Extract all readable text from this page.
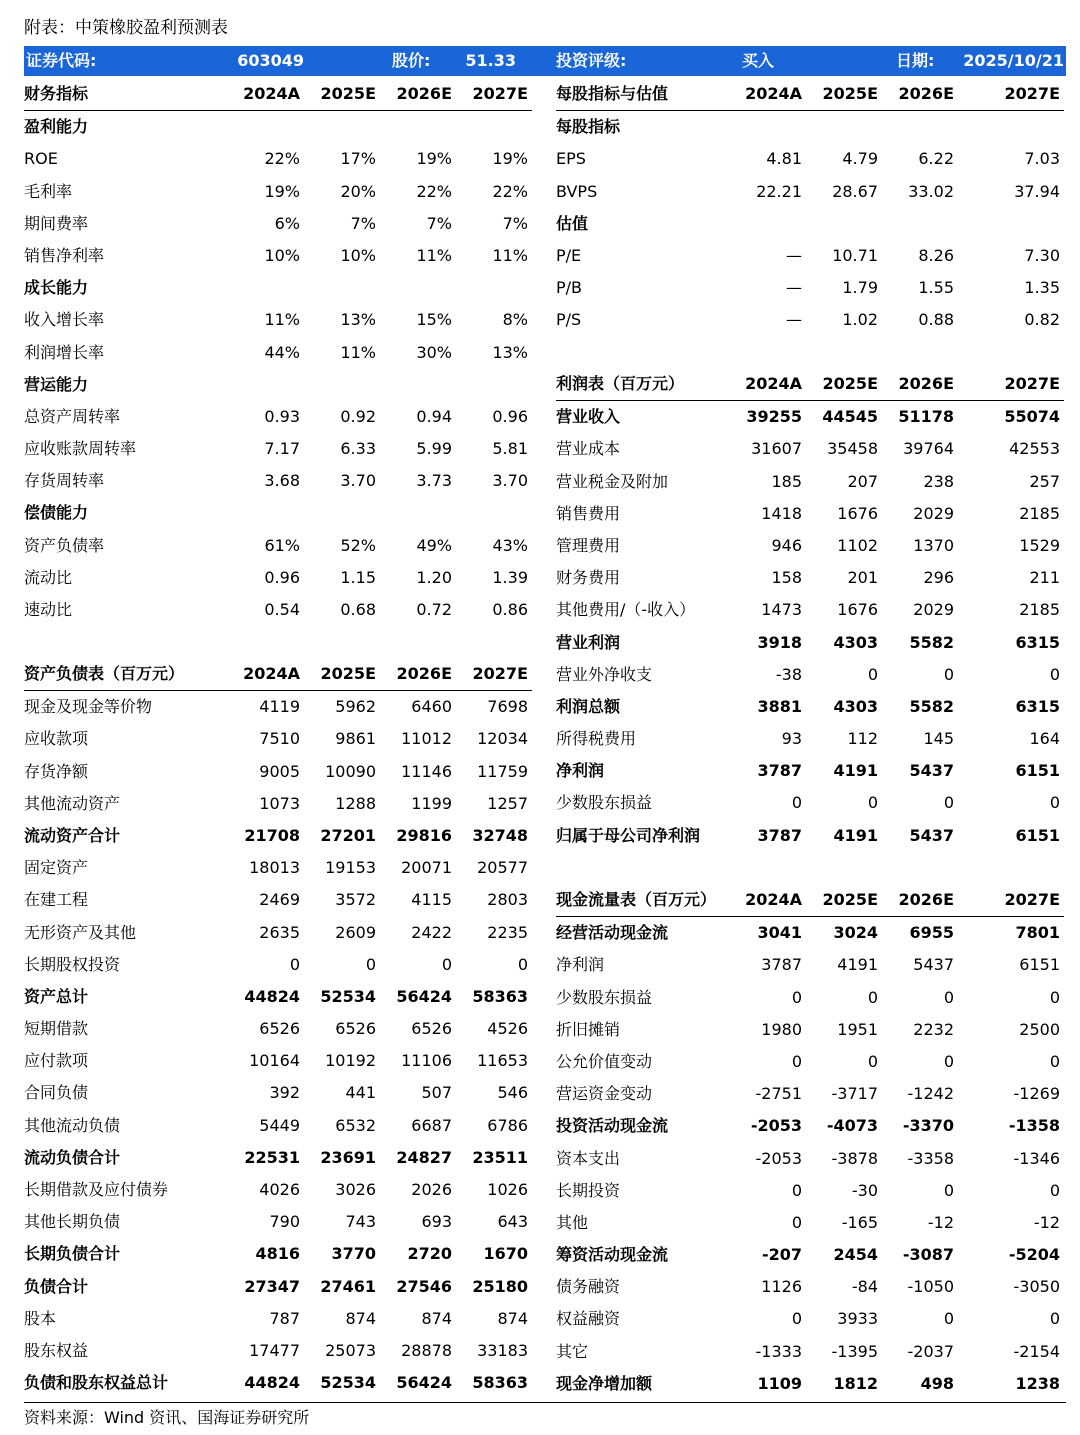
附表：中策橡胶盈利预测表
证券代码:	603049	股价:	51.33	投资评级:	买入	日期:	2025/10/21
财务指标	2024A	2025E	2026E	2027E
盈利能力
ROE	22%	17%	19%	19%
毛利率	19%	20%	22%	22%
期间费率	6%	7%	7%	7%
销售净利率	10%	10%	11%	11%
成长能力
收入增长率	11%	13%	15%	8%
利润增长率	44%	11%	30%	13%
营运能力
总资产周转率	0.93	0.92	0.94	0.96
应收账款周转率	7.17	6.33	5.99	5.81
存货周转率	3.68	3.70	3.73	3.70
偿债能力
资产负债率	61%	52%	49%	43%
流动比	0.96	1.15	1.20	1.39
速动比	0.54	0.68	0.72	0.86
每股指标与估值	2024A	2025E	2026E	2027E
每股指标
EPS	4.81	4.79	6.22	7.03
BVPS	22.21	28.67	33.02	37.94
估值
P/E	—	10.71	8.26	7.30
P/B	—	1.79	1.55	1.35
P/S	—	1.02	0.88	0.82
利润表（百万元）	2024A	2025E	2026E	2027E
营业收入	39255	44545	51178	55074
营业成本	31607	35458	39764	42553
营业税金及附加	185	207	238	257
销售费用	1418	1676	2029	2185
管理费用	946	1102	1370	1529
财务费用	158	201	296	211
其他费用/（-收入）	1473	1676	2029	2185
营业利润	3918	4303	5582	6315
营业外净收支	-38	0	0	0
利润总额	3881	4303	5582	6315
所得税费用	93	112	145	164
净利润	3787	4191	5437	6151
少数股东损益	0	0	0	0
归属于母公司净利润	3787	4191	5437	6151
资产负债表（百万元）	2024A	2025E	2026E	2027E
现金及现金等价物	4119	5962	6460	7698
应收款项	7510	9861	11012	12034
存货净额	9005	10090	11146	11759
其他流动资产	1073	1288	1199	1257
流动资产合计	21708	27201	29816	32748
固定资产	18013	19153	20071	20577
在建工程	2469	3572	4115	2803
无形资产及其他	2635	2609	2422	2235
长期股权投资	0	0	0	0
资产总计	44824	52534	56424	58363
短期借款	6526	6526	6526	4526
应付款项	10164	10192	11106	11653
合同负债	392	441	507	546
其他流动负债	5449	6532	6687	6786
流动负债合计	22531	23691	24827	23511
长期借款及应付债券	4026	3026	2026	1026
其他长期负债	790	743	693	643
长期负债合计	4816	3770	2720	1670
负债合计	27347	27461	27546	25180
股本	787	874	874	874
股东权益	17477	25073	28878	33183
负债和股东权益总计	44824	52534	56424	58363
现金流量表（百万元）	2024A	2025E	2026E	2027E
经营活动现金流	3041	3024	6955	7801
净利润	3787	4191	5437	6151
少数股东损益	0	0	0	0
折旧摊销	1980	1951	2232	2500
公允价值变动	0	0	0	0
营运资金变动	-2751	-3717	-1242	-1269
投资活动现金流	-2053	-4073	-3370	-1358
资本支出	-2053	-3878	-3358	-1346
长期投资	0	-30	0	0
其他	0	-165	-12	-12
筹资活动现金流	-207	2454	-3087	-5204
债务融资	1126	-84	-1050	-3050
权益融资	0	3933	0	0
其它	-1333	-1395	-2037	-2154
现金净增加额	1109	1812	498	1238
资料来源：Wind 资讯、国海证券研究所
